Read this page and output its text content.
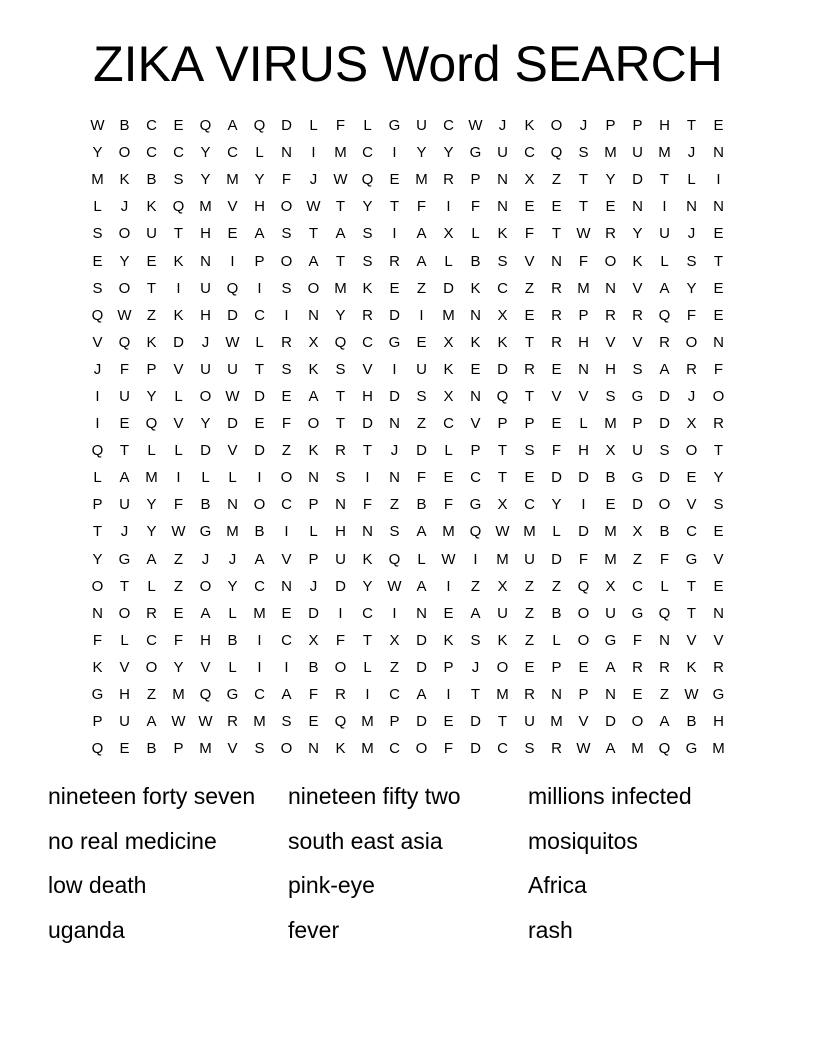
ZIKA VIRUS Word SEARCH
W B	C	E	Q	A	Q	D	L	F	L	G	U	C W	J	K	O	J	P	P	H	T	E
Y	O	C	C	Y	C	L	N	I	M	C	I	Y	Y	G	U	C	Q	S	M	U	M	J	N
M	K	B	S	Y	M	Y	F	J	W Q	E	M	R	P	N	X	Z	T	Y	D	T	L	I
L	J	K	Q M	V	H	O W	T	Y	T	F	I	F	N	E	E	T	E	N	I	N	N
S	O	U	T	H	E	A	S	T	A	S	I	A	X	L	K	F	T	W R	Y	U	J	E
E	Y	E	K	N	I	P	O	A	T	S	R	A	L	B	S	V	N	F	O	K	L	S	T
S	O	T	I	U	Q	I	S	O M	K	E	Z	D	K	C	Z	R	M	N	V	A	Y	E
Q W	Z	K	H	D	C	I	N	Y	R	D	I	M	N	X	E	R	P	R	R	Q	F	E
V	Q	K	D	J	W	L	R	X	Q	C	G	E	X	K	K	T	R	H	V	V	R	O	N
J	F	P	V	U	U	T	S	K	S	V	I	U	K	E	D	R	E	N	H	S	A	R	F
I	U	Y	L	O W D	E	A	T	H	D	S	X	N	Q	T	V	V	S	G	D	J	O
I	E	Q	V	Y	D	E	F	O	T	D	N	Z	C	V	P	P	E	L	M	P	D	X	R
Q	T	L	L	D	V	D	Z	K	R	T	J	D	L	P	T	S	F	H	X	U	S	O	T
L	A	M	I	L	L	I	O	N	S	I	N	F	E	C	T	E	D	D	B	G	D	E	Y
P	U	Y	F	B	N	O	C	P	N	F	Z	B	F	G	X	C	Y	I	E	D	O	V	S
T	J	Y W G M	B	I	L	H	N	S	A	M Q W M	L	D	M	X	B	C	E
Y	G	A	Z	J	J	A	V	P	U	K	Q	L	W	I	M	U	D	F	M	Z	F	G	V
O	T	L	Z	O	Y	C	N	J	D	Y W A	I	Z	X	Z	Z	Q	X	C	L	T	E
N	O	R	E	A	L	M	E	D	I	C	I	N	E	A	U	Z	B	O	U	G	Q	T	N
F	L	C	F	H	B	I	C	X	F	T	X	D	K	S	K	Z	L	O	G	F	N	V	V
K	V	O	Y	V	L	I	I	B	O	L	Z	D	P	J	O	E	P	E	A	R	R	K	R
G	H	Z	M Q	G	C	A	F	R	I	C	A	I	T	M	R	N	P	N	E	Z	W G
P	U	A W W R	M	S	E	Q M	P	D	E	D	T	U	M	V	D	O	A	B	H
Q	E	B	P	M	V	S	O	N	K	M	C	O	F	D	C	S	R W A	M Q	G M
nineteen forty seven	nineteen fifty two	millions infected
no real medicine	south east asia	mosiquitos
low death	pink-eye	Africa
uganda	fever	rash
